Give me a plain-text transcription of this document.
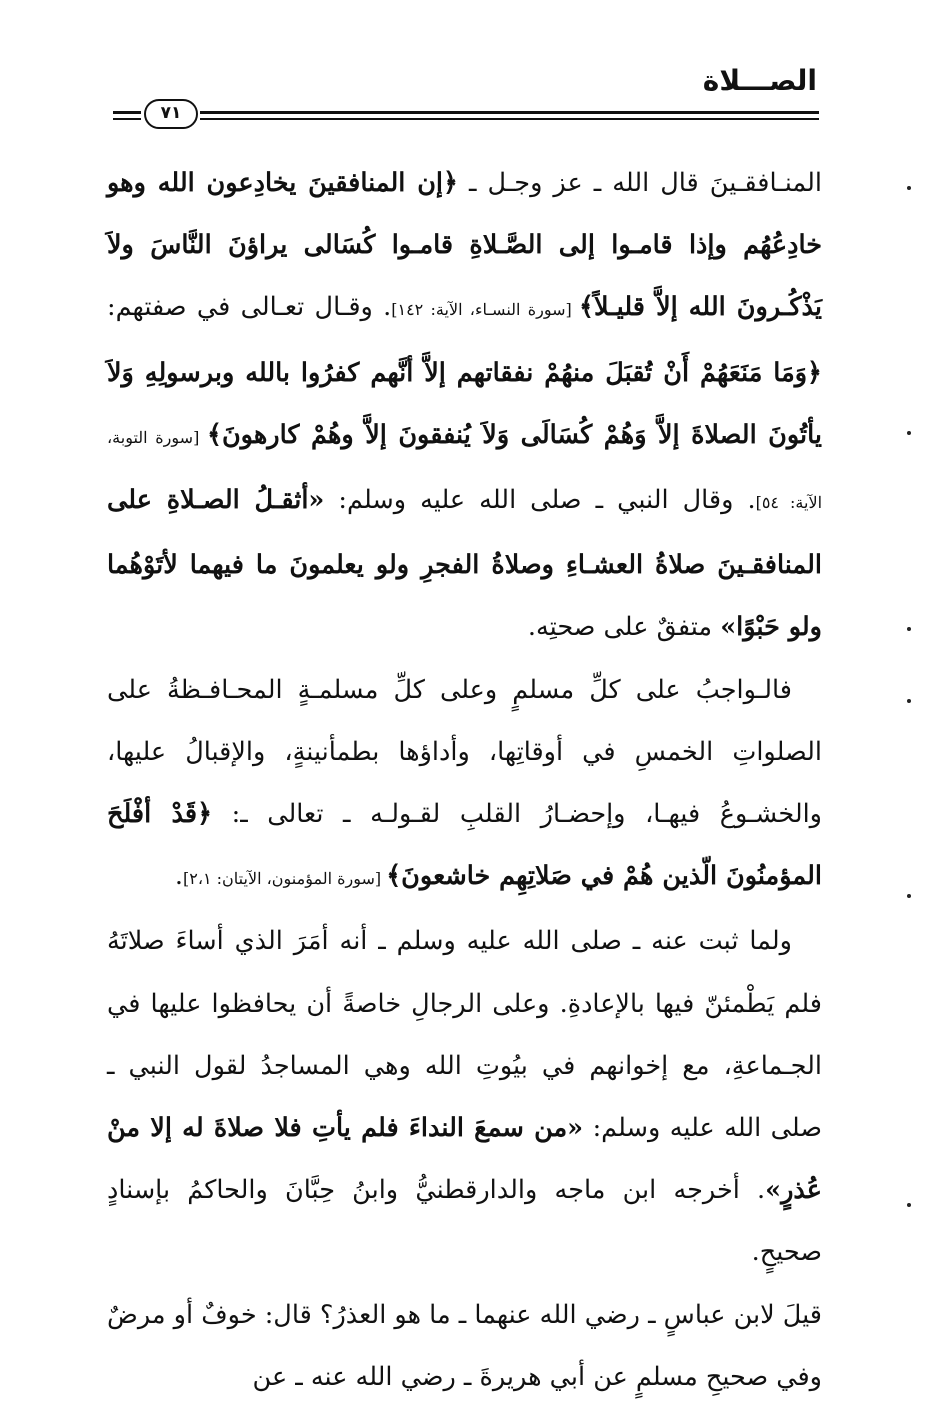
الصـــلاة
٧١

المنـافقـينَ قال الله ـ عز وجـل ـ ﴿إن المنافقينَ يخادِعون الله وهو خادِعُهُم وإذا قامـوا إلى الصَّـلاةِ قامـوا كُسَالى يراؤنَ النَّاسَ ولاَ يَذْكُـرونَ الله إلاَّ قليـلاً﴾ [سورة النسـاء، الآية: ١٤٢]. وقـال تعـالى في صفتهم: ﴿وَمَا مَنَعَهُمْ أَنْ تُقبَلَ منهُمْ نفقاتهم إلاَّ أنَّهم كفرُوا بالله وبرسولِهِ وَلاَ يأتُونَ الصلاةَ إلاَّ وَهُمْ كُسَالَى وَلاَ يُنفقونَ إلاَّ وهُمْ كارهونَ﴾ [سورة التوبة، الآية: ٥٤]. وقال النبي ـ صلى الله عليه وسلم: «أثقـلُ الصـلاةِ على المنافقـينَ صلاةُ العشـاءِ وصلاةُ الفجرِ ولو يعلمونَ ما فيهما لأتَوْهُما ولو حَبْوًا» متفقٌ على صحتِه.

فالـواجبُ على كلِّ مسلمٍ وعلى كلِّ مسلمـةٍ المحـافـظةُ على الصلواتِ الخمسِ في أوقاتِها، وأداؤها بطمأنينةٍ، والإقبالُ عليها، والخشـوعُ فيهـا، وإحضـارُ القلبِ لقـولـه ـ تعالى ـ: ﴿قَدْ أفْلَحَ المؤمنُونَ الّذين هُمْ في صَلاتِهِم خاشعونَ﴾ [سورة المؤمنون، الآيتان: ٢،١].

ولما ثبت عنه ـ صلى الله عليه وسلم ـ أنه أمَرَ الذي أساءَ صلاتَهُ فلم يَطْمئنّ فيها بالإعادةِ. وعلى الرجالِ خاصةً أن يحافظوا عليها في الجـماعةِ، مع إخوانهم في بيُوتِ الله وهي المساجدُ لقول النبي ـ صلى الله عليه وسلم: «من سمعَ النداءَ فلم يأتِ فلا صلاةَ له إلا منْ عُذرٍ». أخرجه ابن ماجه والدارقطنيُّ وابنُ حِبَّانَ والحاكمُ بإسنادٍ صحيحٍ.

قيلَ لابن عباسٍ ـ رضي الله عنهما ـ ما هو العذرُ؟ قال: خوفٌ أو مرضٌ وفي صحيحِ مسلمٍ عن أبي هريرةَ ـ رضي الله عنه ـ عن
